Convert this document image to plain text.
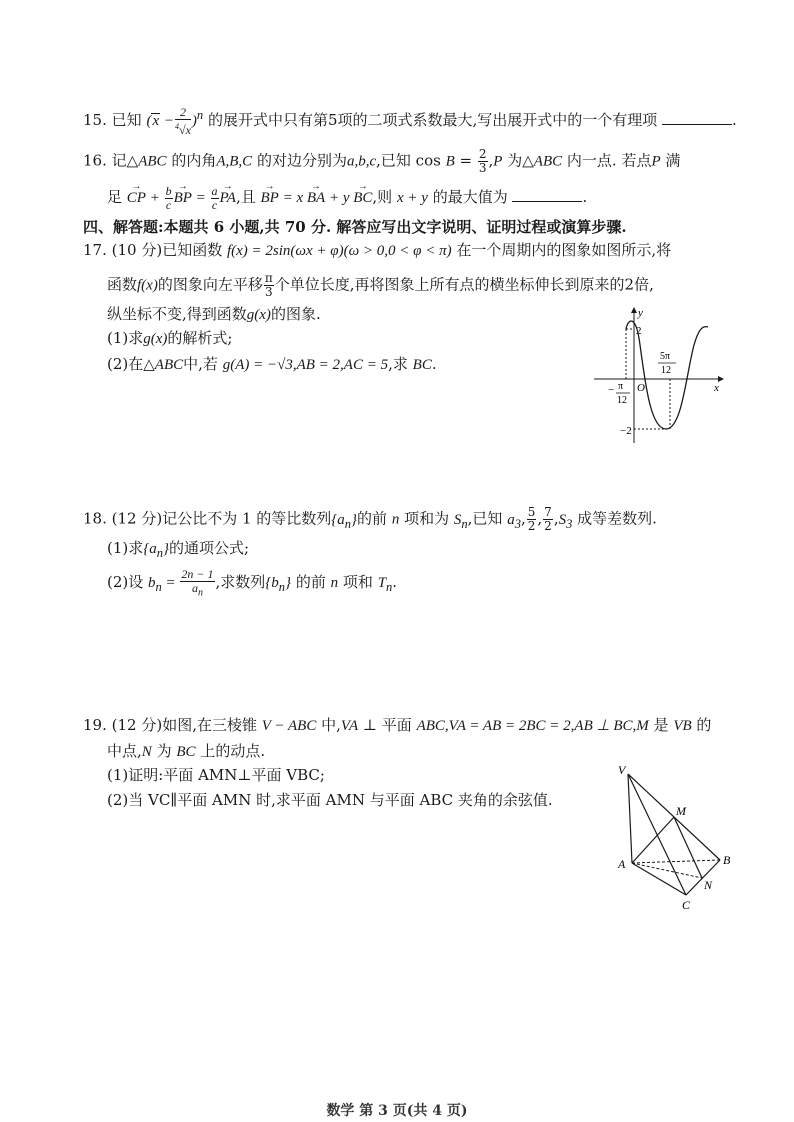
15. 已知 $(x - \frac{2}{^4√x} )^n$ 的展开式中只有第5项的二项式系数最大,写出展开式中的一个有理项	.
16. 记△ABC 的内角A,B,C 的对边分别为a,b,c,已知 $\cos B = \frac{2}{3} ,P$ 为△ABC 内一点. 若点P 满
足 → CP + $\frac{b}{c}$ → BP = $\frac{a}{c}$ → PA,且 → BP = x → BA + y → BC,则 x + y 的最大值为	.
四、解答题:本题共 6 小题,共 70 分. 解答应写出文字说明、证明过程或演算步骤.
17. (10 分)已知函数 f(x) = 2sin(ωx + φ)(ω > 0,0 < φ < π) 在一个周期内的图象如图所示,将
函数f(x)的图象向左平移 $\frac{\pi}{3}$ 个单位长度,再将图象上所有点的横坐标伸长到原来的2倍,
纵坐标不变,得到函数g(x)的图象.
(1)求g(x)的解析式;
(2)在△ABC中,若 g(A) = −√3,AB = 2,AC = 5,求 BC.
y
x
O
2
−2
− π
12
5π
12
18. (12 分)记公比不为 1 的等比数列$\{a_n\}$的前 n 项和为 $S_n$,已知 $a_3$, $\frac{5}{2}$ , $\frac{7}{2} ,S_3$ 成等差数列.
(1)求$\{a_n\}$的通项公式;
(2)设 $b_n = \frac{2n - 1}{a_n}$ ,求数列$\{b_n\}$ 的前 n 项和 $T_n$.
19. (12 分)如图,在三棱锥 V − ABC 中,VA ⊥ 平面 ABC,VA = AB = 2BC = 2,AB ⊥ BC,M 是 VB 的
中点,N 为 BC 上的动点.
(1)证明:平面 AMN⊥平面 VBC;
(2)当 VC∥平面 AMN 时,求平面 AMN 与平面 ABC 夹角的余弦值.
V
M
A	B
N
C
数学 第 3 页(共 4 页)
